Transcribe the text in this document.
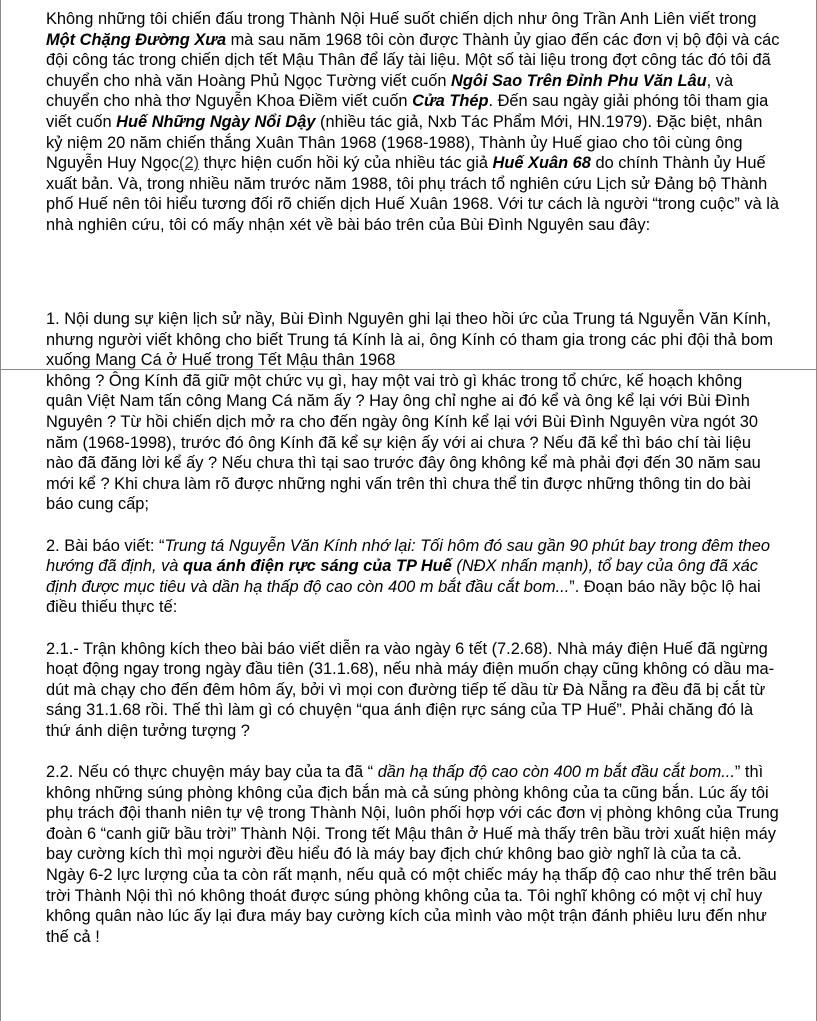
Không những tôi chiến đấu trong Thành Nội Huế suốt chiến dịch như ông Trần Anh Liên viết trong Một Chặng Đường Xưa mà sau năm 1968 tôi còn được Thành ủy giao đến các đơn vị bộ đội và các đội công tác trong chiến dịch tết Mậu Thân để lấy tài liệu. Một số tài liệu trong đợt công tác đó tôi đã chuyển cho nhà văn Hoàng Phủ Ngọc Tường viết cuốn Ngôi Sao Trên Đỉnh Phu Văn Lâu, và chuyển cho nhà thơ Nguyễn Khoa Điềm viết cuốn Cửa Thép. Đến sau ngày giải phóng tôi tham gia viết cuốn Huế Những Ngày Nổi Dậy (nhiều tác giả, Nxb Tác Phẩm Mới, HN.1979). Đặc biệt, nhân kỷ niệm 20 năm chiến thắng Xuân Thân 1968 (1968-1988), Thành ủy Huế giao cho tôi cùng ông Nguyễn Huy Ngọc(2) thực hiện cuốn hồi ký của nhiều tác giả Huế Xuân 68 do chính Thành ủy Huế xuất bản. Và, trong nhiều năm trước năm 1988, tôi phụ trách tổ nghiên cứu Lịch sử Đảng bộ Thành phố Huế nên tôi hiểu tương đối rõ chiến dịch Huế Xuân 1968. Với tư cách là người “trong cuộc” và là nhà nghiên cứu, tôi có mấy nhận xét về bài báo trên của Bùi Đình Nguyên sau đây:

1. Nội dung sự kiện lịch sử nầy, Bùi Đình Nguyên ghi lại theo hồi ức của Trung tá Nguyễn Văn Kính, nhưng người viết không cho biết Trung tá Kính là ai, ông Kính có tham gia trong các phi đội thả bom xuống Mang Cá ở Huế trong Tết Mậu thân 1968

không ? Ông Kính đã giữ một chức vụ gì, hay một vai trò gì khác trong tổ chức, kế hoạch không quân Việt Nam tấn công Mang Cá năm ấy ? Hay ông chỉ nghe ai đó kể và ông kể lại với Bùi Đình Nguyên ? Từ hồi chiến dịch mở ra cho đến ngày ông Kính kể lại với Bùi Đình Nguyên vừa ngót 30 năm (1968-1998), trước đó ông Kính đã kể sự kiện ấy với ai chưa ? Nếu đã kể thì báo chí tài liệu nào đã đăng lời kể ấy ? Nếu chưa thì tại sao trước đây ông không kể mà phải đợi đến 30 năm sau mới kể ? Khi chưa làm rõ được những nghi vấn trên thì chưa thể tin được những thông tin do bài báo cung cấp;

2. Bài báo viết: “Trung tá Nguyễn Văn Kính nhớ lại: Tối hôm đó sau gần 90 phút bay trong đêm theo hướng đã định, và qua ánh điện rực sáng của TP Huế (NĐX nhấn mạnh), tổ bay của ông đã xác định được mục tiêu và dần hạ thấp độ cao còn 400 m bắt đầu cắt bom...”. Đoạn báo nầy bộc lộ hai điều thiếu thực tế:

2.1.- Trận không kích theo bài báo viết diễn ra vào ngày 6 tết (7.2.68). Nhà máy điện Huế đã ngừng hoạt động ngay trong ngày đầu tiên (31.1.68), nếu nhà máy điện muốn chạy cũng không có dầu ma-dút mà chạy cho đến đêm hôm ấy, bởi vì mọi con đường tiếp tế dầu từ Đà Nẵng ra đều đã bị cắt từ sáng 31.1.68 rồi. Thế thì làm gì có chuyện “qua ánh điện rực sáng của TP Huế”. Phải chăng đó là thứ ánh diện tưởng tượng ?

2.2. Nếu có thực chuyện máy bay của ta đã “ dần hạ thấp độ cao còn 400 m bắt đầu cắt bom...” thì không những súng phòng không của địch bắn mà cả súng phòng không của ta cũng bắn. Lúc ấy tôi phụ trách đội thanh niên tự vệ trong Thành Nội, luôn phối hợp với các đơn vị phòng không của Trung đoàn 6 “canh giữ bầu trời” Thành Nội. Trong tết Mậu thân ở Huế mà thấy trên bầu trời xuất hiện máy bay cường kích thì mọi người đều hiểu đó là máy bay địch chứ không bao giờ nghĩ là của ta cả. Ngày 6-2 lực lượng của ta còn rất mạnh, nếu quả có một chiếc máy hạ thấp độ cao như thế trên bầu trời Thành Nội thì nó không thoát được súng phòng không của ta. Tôi nghĩ không có một vị chỉ huy không quân nào lúc ấy lại đưa máy bay cường kích của mình vào một trận đánh phiêu lưu đến như thế cả !
